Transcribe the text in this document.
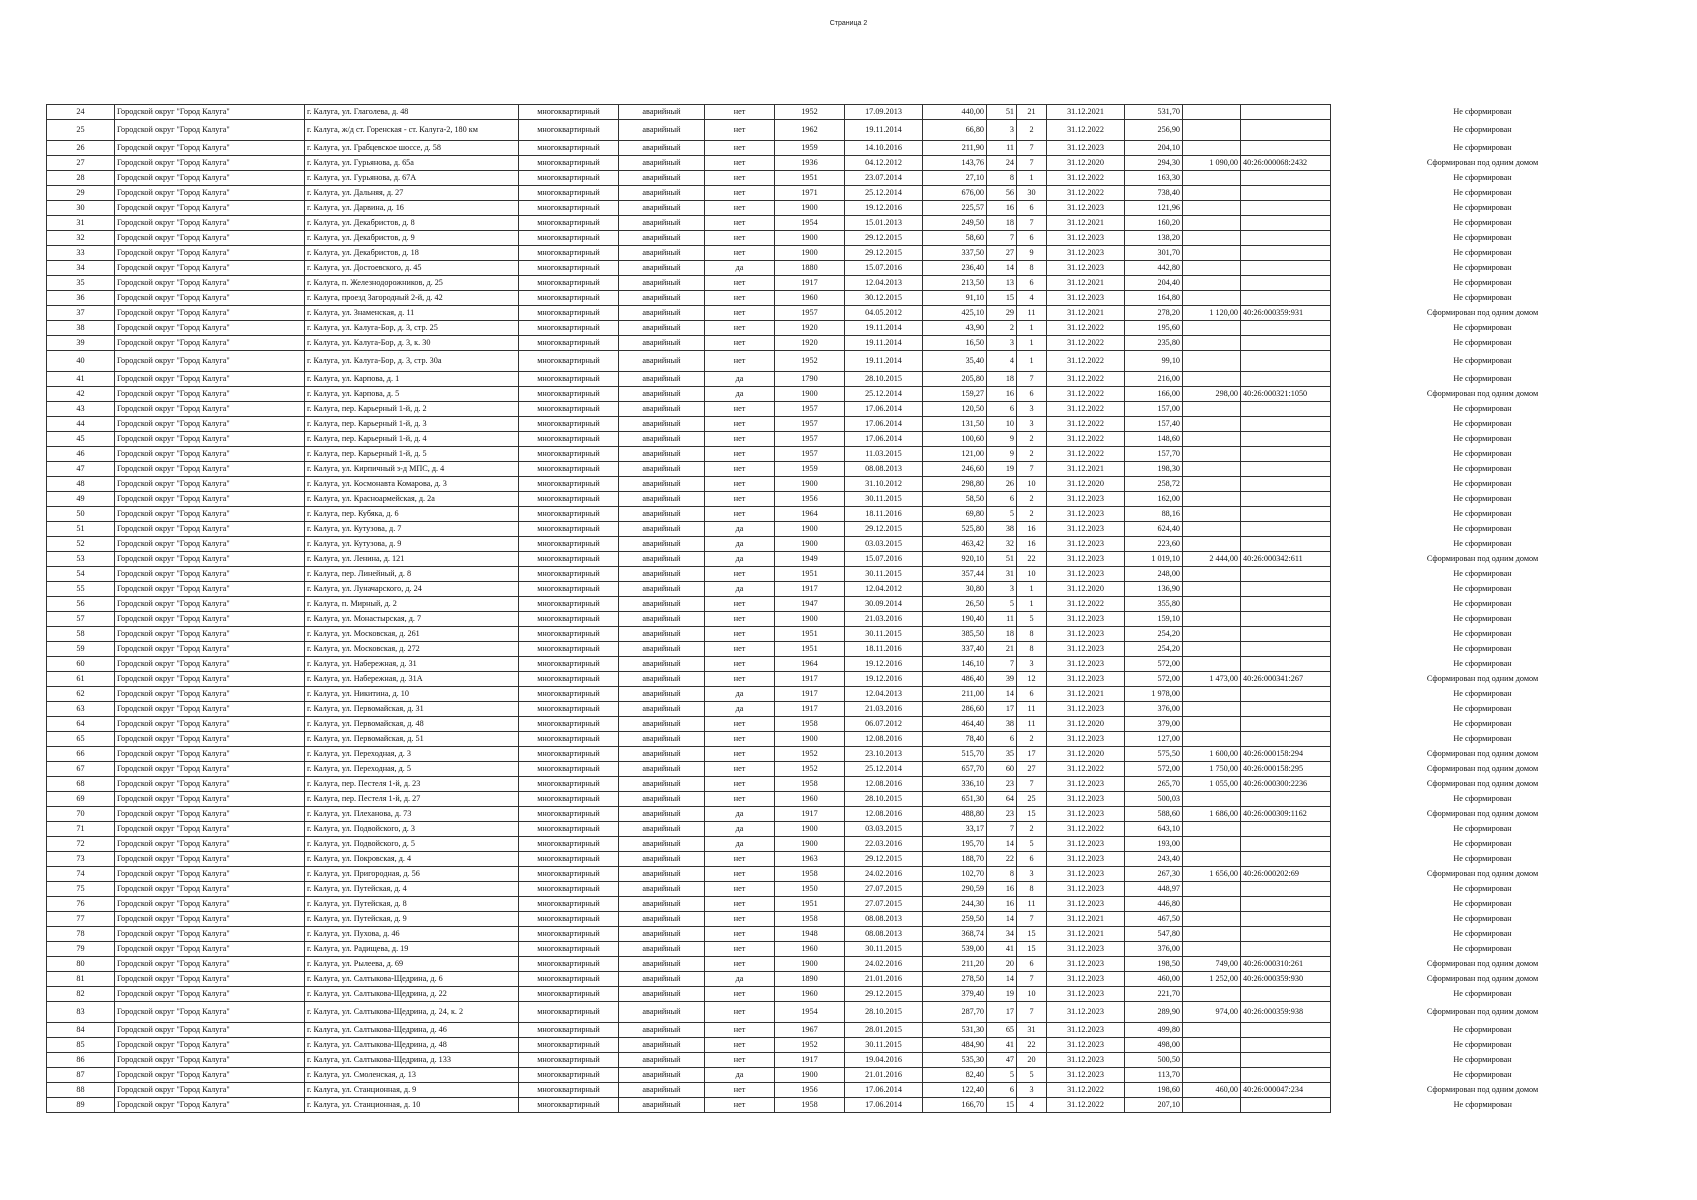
Страница 2
24	Городской округ "Город Калуга"	г. Калуга, ул. Глаголева, д. 48	многоквартирный	аварийный	нет	1952	17.09.2013	440,00	51	21	31.12.2021	531,70			Не сформирован
25	Городской округ "Город Калуга"	г. Калуга, ж/д ст. Горенская - ст. Калуга-2, 180 км	многоквартирный	аварийный	нет	1962	19.11.2014	66,80	3	2	31.12.2022	256,90			Не сформирован
26	Городской округ "Город Калуга"	г. Калуга, ул. Грабцевское шоссе, д. 58	многоквартирный	аварийный	нет	1959	14.10.2016	211,90	11	7	31.12.2023	204,10			Не сформирован
27	Городской округ "Город Калуга"	г. Калуга, ул. Гурьянова, д. 65а	многоквартирный	аварийный	нет	1936	04.12.2012	143,76	24	7	31.12.2020	294,30	1 090,00	40:26:000068:2432	Сформирован под одним домом
28	Городской округ "Город Калуга"	г. Калуга, ул. Гурьянова, д. 67А	многоквартирный	аварийный	нет	1951	23.07.2014	27,10	8	1	31.12.2022	163,30			Не сформирован
29	Городской округ "Город Калуга"	г. Калуга, ул. Дальняя, д. 27	многоквартирный	аварийный	нет	1971	25.12.2014	676,00	56	30	31.12.2022	738,40			Не сформирован
30	Городской округ "Город Калуга"	г. Калуга, ул. Дарвина, д. 16	многоквартирный	аварийный	нет	1900	19.12.2016	225,57	16	6	31.12.2023	121,96			Не сформирован
31	Городской округ "Город Калуга"	г. Калуга, ул. Декабристов, д. 8	многоквартирный	аварийный	нет	1954	15.01.2013	249,50	18	7	31.12.2021	160,20			Не сформирован
32	Городской округ "Город Калуга"	г. Калуга, ул. Декабристов, д. 9	многоквартирный	аварийный	нет	1900	29.12.2015	58,60	7	6	31.12.2023	138,20			Не сформирован
33	Городской округ "Город Калуга"	г. Калуга, ул. Декабристов, д. 18	многоквартирный	аварийный	нет	1900	29.12.2015	337,50	27	9	31.12.2023	301,70			Не сформирован
34	Городской округ "Город Калуга"	г. Калуга, ул. Достоевского, д. 45	многоквартирный	аварийный	да	1880	15.07.2016	236,40	14	8	31.12.2023	442,80			Не сформирован
35	Городской округ "Город Калуга"	г. Калуга, п. Железнодорожников, д. 25	многоквартирный	аварийный	нет	1917	12.04.2013	213,50	13	6	31.12.2021	204,40			Не сформирован
36	Городской округ "Город Калуга"	г. Калуга, проезд Загородный 2-й, д. 42	многоквартирный	аварийный	нет	1960	30.12.2015	91,10	15	4	31.12.2023	164,80			Не сформирован
37	Городской округ "Город Калуга"	г. Калуга, ул. Знаменская, д. 11	многоквартирный	аварийный	нет	1957	04.05.2012	425,10	29	11	31.12.2021	278,20	1 120,00	40:26:000359:931	Сформирован под одним домом
38	Городской округ "Город Калуга"	г. Калуга, ул. Калуга-Бор, д. 3, стр. 25	многоквартирный	аварийный	нет	1920	19.11.2014	43,90	2	1	31.12.2022	195,60			Не сформирован
39	Городской округ "Город Калуга"	г. Калуга, ул. Калуга-Бор, д. 3, к. 30	многоквартирный	аварийный	нет	1920	19.11.2014	16,50	3	1	31.12.2022	235,80			Не сформирован
40	Городской округ "Город Калуга"	г. Калуга, ул. Калуга-Бор, д. 3, стр. 30а	многоквартирный	аварийный	нет	1952	19.11.2014	35,40	4	1	31.12.2022	99,10			Не сформирован
41	Городской округ "Город Калуга"	г. Калуга, ул. Карпова, д. 1	многоквартирный	аварийный	да	1790	28.10.2015	205,80	18	7	31.12.2022	216,00			Не сформирован
42	Городской округ "Город Калуга"	г. Калуга, ул. Карпова, д. 5	многоквартирный	аварийный	да	1900	25.12.2014	159,27	16	6	31.12.2022	166,00	298,00	40:26:000321:1050	Сформирован под одним домом
43	Городской округ "Город Калуга"	г. Калуга, пер. Карьерный 1-й, д. 2	многоквартирный	аварийный	нет	1957	17.06.2014	120,50	6	3	31.12.2022	157,00			Не сформирован
44	Городской округ "Город Калуга"	г. Калуга, пер. Карьерный 1-й, д. 3	многоквартирный	аварийный	нет	1957	17.06.2014	131,50	10	3	31.12.2022	157,40			Не сформирован
45	Городской округ "Город Калуга"	г. Калуга, пер. Карьерный 1-й, д. 4	многоквартирный	аварийный	нет	1957	17.06.2014	100,60	9	2	31.12.2022	148,60			Не сформирован
46	Городской округ "Город Калуга"	г. Калуга, пер. Карьерный 1-й, д. 5	многоквартирный	аварийный	нет	1957	11.03.2015	121,00	9	2	31.12.2022	157,70			Не сформирован
47	Городской округ "Город Калуга"	г. Калуга, ул. Кирпичный з-д МПС, д. 4	многоквартирный	аварийный	нет	1959	08.08.2013	246,60	19	7	31.12.2021	198,30			Не сформирован
48	Городской округ "Город Калуга"	г. Калуга, ул. Космонавта Комарова, д. 3	многоквартирный	аварийный	нет	1900	31.10.2012	298,80	26	10	31.12.2020	258,72			Не сформирован
49	Городской округ "Город Калуга"	г. Калуга, ул. Красноармейская, д. 2а	многоквартирный	аварийный	нет	1956	30.11.2015	58,50	6	2	31.12.2023	162,00			Не сформирован
50	Городской округ "Город Калуга"	г. Калуга, пер. Кубяка, д. 6	многоквартирный	аварийный	нет	1964	18.11.2016	69,80	5	2	31.12.2023	88,16			Не сформирован
51	Городской округ "Город Калуга"	г. Калуга, ул. Кутузова, д. 7	многоквартирный	аварийный	да	1900	29.12.2015	525,80	38	16	31.12.2023	624,40			Не сформирован
52	Городской округ "Город Калуга"	г. Калуга, ул. Кутузова, д. 9	многоквартирный	аварийный	да	1900	03.03.2015	463,42	32	16	31.12.2023	223,60			Не сформирован
53	Городской округ "Город Калуга"	г. Калуга, ул. Ленина, д. 121	многоквартирный	аварийный	да	1949	15.07.2016	920,10	51	22	31.12.2023	1 019,10	2 444,00	40:26:000342:611	Сформирован под одним домом
54	Городской округ "Город Калуга"	г. Калуга, пер. Линейный, д. 8	многоквартирный	аварийный	нет	1951	30.11.2015	357,44	31	10	31.12.2023	248,00			Не сформирован
55	Городской округ "Город Калуга"	г. Калуга, ул. Луначарского, д. 24	многоквартирный	аварийный	да	1917	12.04.2012	30,80	3	1	31.12.2020	136,90			Не сформирован
56	Городской округ "Город Калуга"	г. Калуга, п. Мирный, д. 2	многоквартирный	аварийный	нет	1947	30.09.2014	26,50	5	1	31.12.2022	355,80			Не сформирован
57	Городской округ "Город Калуга"	г. Калуга, ул. Монастырская, д. 7	многоквартирный	аварийный	нет	1900	21.03.2016	190,40	11	5	31.12.2023	159,10			Не сформирован
58	Городской округ "Город Калуга"	г. Калуга, ул. Московская, д. 261	многоквартирный	аварийный	нет	1951	30.11.2015	385,50	18	8	31.12.2023	254,20			Не сформирован
59	Городской округ "Город Калуга"	г. Калуга, ул. Московская, д. 272	многоквартирный	аварийный	нет	1951	18.11.2016	337,40	21	8	31.12.2023	254,20			Не сформирован
60	Городской округ "Город Калуга"	г. Калуга, ул. Набережная, д. 31	многоквартирный	аварийный	нет	1964	19.12.2016	146,10	7	3	31.12.2023	572,00			Не сформирован
61	Городской округ "Город Калуга"	г. Калуга, ул. Набережная, д. 31А	многоквартирный	аварийный	нет	1917	19.12.2016	486,40	39	12	31.12.2023	572,00	1 473,00	40:26:000341:267	Сформирован под одним домом
62	Городской округ "Город Калуга"	г. Калуга, ул. Никитина, д. 10	многоквартирный	аварийный	да	1917	12.04.2013	211,00	14	6	31.12.2021	1 978,00			Не сформирован
63	Городской округ "Город Калуга"	г. Калуга, ул. Первомайская, д. 31	многоквартирный	аварийный	да	1917	21.03.2016	286,60	17	11	31.12.2023	376,00			Не сформирован
64	Городской округ "Город Калуга"	г. Калуга, ул. Первомайская, д. 48	многоквартирный	аварийный	нет	1958	06.07.2012	464,40	38	11	31.12.2020	379,00			Не сформирован
65	Городской округ "Город Калуга"	г. Калуга, ул. Первомайская, д. 51	многоквартирный	аварийный	нет	1900	12.08.2016	78,40	6	2	31.12.2023	127,00			Не сформирован
66	Городской округ "Город Калуга"	г. Калуга, ул. Переходная, д. 3	многоквартирный	аварийный	нет	1952	23.10.2013	515,70	35	17	31.12.2020	575,50	1 600,00	40:26:000158:294	Сформирован под одним домом
67	Городской округ "Город Калуга"	г. Калуга, ул. Переходная, д. 5	многоквартирный	аварийный	нет	1952	25.12.2014	657,70	60	27	31.12.2022	572,00	1 750,00	40:26:000158:295	Сформирован под одним домом
68	Городской округ "Город Калуга"	г. Калуга, пер. Пестеля 1-й, д. 23	многоквартирный	аварийный	нет	1958	12.08.2016	336,10	23	7	31.12.2023	265,70	1 055,00	40:26:000300:2236	Сформирован под одним домом
69	Городской округ "Город Калуга"	г. Калуга, пер. Пестеля 1-й, д. 27	многоквартирный	аварийный	нет	1960	28.10.2015	651,30	64	25	31.12.2023	500,03			Не сформирован
70	Городской округ "Город Калуга"	г. Калуга, ул. Плеханова, д. 73	многоквартирный	аварийный	да	1917	12.08.2016	488,80	23	15	31.12.2023	588,60	1 686,00	40:26:000309:1162	Сформирован под одним домом
71	Городской округ "Город Калуга"	г. Калуга, ул. Подвойского, д. 3	многоквартирный	аварийный	да	1900	03.03.2015	33,17	7	2	31.12.2022	643,10			Не сформирован
72	Городской округ "Город Калуга"	г. Калуга, ул. Подвойского, д. 5	многоквартирный	аварийный	да	1900	22.03.2016	195,70	14	5	31.12.2023	193,00			Не сформирован
73	Городской округ "Город Калуга"	г. Калуга, ул. Покровская, д. 4	многоквартирный	аварийный	нет	1963	29.12.2015	188,70	22	6	31.12.2023	243,40			Не сформирован
74	Городской округ "Город Калуга"	г. Калуга, ул. Пригородная, д. 56	многоквартирный	аварийный	нет	1958	24.02.2016	102,70	8	3	31.12.2023	267,30	1 656,00	40:26:000202:69	Сформирован под одним домом
75	Городской округ "Город Калуга"	г. Калуга, ул. Путейская, д. 4	многоквартирный	аварийный	нет	1950	27.07.2015	290,59	16	8	31.12.2023	448,97			Не сформирован
76	Городской округ "Город Калуга"	г. Калуга, ул. Путейская, д. 8	многоквартирный	аварийный	нет	1951	27.07.2015	244,30	16	11	31.12.2023	446,80			Не сформирован
77	Городской округ "Город Калуга"	г. Калуга, ул. Путейская, д. 9	многоквартирный	аварийный	нет	1958	08.08.2013	259,50	14	7	31.12.2021	467,50			Не сформирован
78	Городской округ "Город Калуга"	г. Калуга, ул. Пухова, д. 46	многоквартирный	аварийный	нет	1948	08.08.2013	368,74	34	15	31.12.2021	547,80			Не сформирован
79	Городской округ "Город Калуга"	г. Калуга, ул. Радищева, д. 19	многоквартирный	аварийный	нет	1960	30.11.2015	539,00	41	15	31.12.2023	376,00			Не сформирован
80	Городской округ "Город Калуга"	г. Калуга, ул. Рылеева, д. 69	многоквартирный	аварийный	нет	1900	24.02.2016	211,20	20	6	31.12.2023	198,50	749,00	40:26:000310:261	Сформирован под одним домом
81	Городской округ "Город Калуга"	г. Калуга, ул. Салтыкова-Щедрина, д. 6	многоквартирный	аварийный	да	1890	21.01.2016	278,50	14	7	31.12.2023	460,00	1 252,00	40:26:000359:930	Сформирован под одним домом
82	Городской округ "Город Калуга"	г. Калуга, ул. Салтыкова-Щедрина, д. 22	многоквартирный	аварийный	нет	1960	29.12.2015	379,40	19	10	31.12.2023	221,70			Не сформирован
83	Городской округ "Город Калуга"	г. Калуга, ул. Салтыкова-Щедрина, д. 24, к. 2	многоквартирный	аварийный	нет	1954	28.10.2015	287,70	17	7	31.12.2023	289,90	974,00	40:26:000359:938	Сформирован под одним домом
84	Городской округ "Город Калуга"	г. Калуга, ул. Салтыкова-Щедрина, д. 46	многоквартирный	аварийный	нет	1967	28.01.2015	531,30	65	31	31.12.2023	499,80			Не сформирован
85	Городской округ "Город Калуга"	г. Калуга, ул. Салтыкова-Щедрина, д. 48	многоквартирный	аварийный	нет	1952	30.11.2015	484,90	41	22	31.12.2023	498,00			Не сформирован
86	Городской округ "Город Калуга"	г. Калуга, ул. Салтыкова-Щедрина, д. 133	многоквартирный	аварийный	нет	1917	19.04.2016	535,30	47	20	31.12.2023	500,50			Не сформирован
87	Городской округ "Город Калуга"	г. Калуга, ул. Смоленская, д. 13	многоквартирный	аварийный	да	1900	21.01.2016	82,40	5	5	31.12.2023	113,70			Не сформирован
88	Городской округ "Город Калуга"	г. Калуга, ул. Станционная, д. 9	многоквартирный	аварийный	нет	1956	17.06.2014	122,40	6	3	31.12.2022	198,60	460,00	40:26:000047:234	Сформирован под одним домом
89	Городской округ "Город Калуга"	г. Калуга, ул. Станционная, д. 10	многоквартирный	аварийный	нет	1958	17.06.2014	166,70	15	4	31.12.2022	207,10			Не сформирован
